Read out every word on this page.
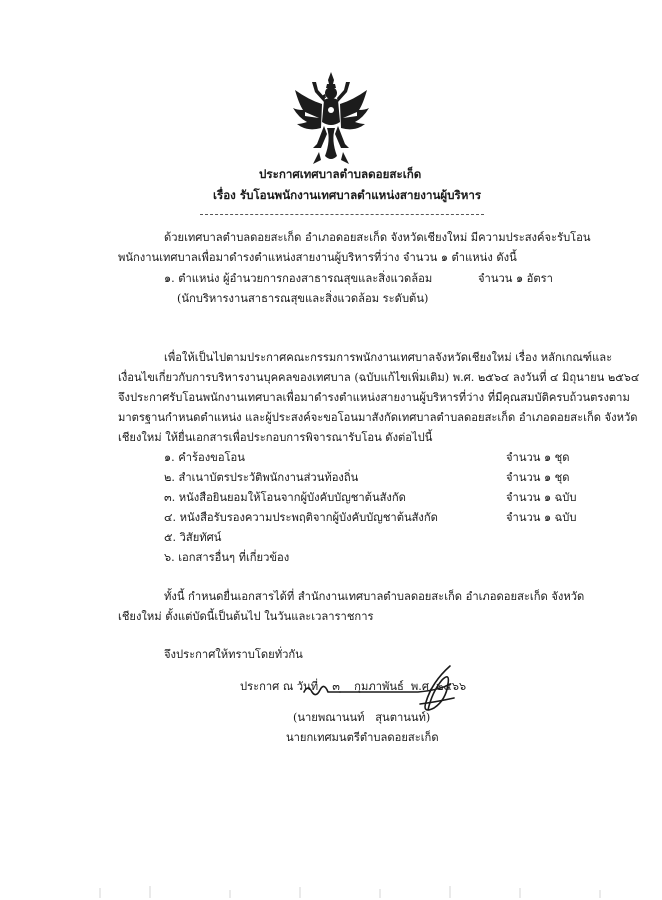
ประกาศเทศบาลตำบลดอยสะเก็ด
เรื่อง รับโอนพนักงานเทศบาลตำแหน่งสายงานผู้บริหาร
ด้วยเทศบาลตำบลดอยสะเก็ด อำเภอดอยสะเก็ด จังหวัดเชียงใหม่ มีความประสงค์จะรับโอน
พนักงานเทศบาลเพื่อมาดำรงตำแหน่งสายงานผู้บริหารที่ว่าง จำนวน ๑ ตำแหน่ง ดังนี้
๑. ตำแหน่ง ผู้อำนวยการกองสาธารณสุขและสิ่งแวดล้อม	จำนวน ๑ อัตรา
(นักบริหารงานสาธารณสุขและสิ่งแวดล้อม ระดับต้น)
เพื่อให้เป็นไปตามประกาศคณะกรรมการพนักงานเทศบาลจังหวัดเชียงใหม่ เรื่อง หลักเกณฑ์และ
เงื่อนไขเกี่ยวกับการบริหารงานบุคคลของเทศบาล (ฉบับแก้ไขเพิ่มเติม) พ.ศ. ๒๕๖๔ ลงวันที่ ๔ มิถุนายน ๒๕๖๔
จึงประกาศรับโอนพนักงานเทศบาลเพื่อมาดำรงตำแหน่งสายงานผู้บริหารที่ว่าง ที่มีคุณสมบัติครบถ้วนตรงตาม
มาตรฐานกำหนดตำแหน่ง และผู้ประสงค์จะขอโอนมาสังกัดเทศบาลตำบลดอยสะเก็ด อำเภอดอยสะเก็ด จังหวัด
เชียงใหม่ ให้ยื่นเอกสารเพื่อประกอบการพิจารณารับโอน ดังต่อไปนี้
๑. คำร้องขอโอน	จำนวน ๑ ชุด
๒. สำเนาบัตรประวัติพนักงานส่วนท้องถิ่น	จำนวน ๑ ชุด
๓. หนังสือยินยอมให้โอนจากผู้บังคับบัญชาต้นสังกัด	จำนวน ๑ ฉบับ
๔. หนังสือรับรองความประพฤติจากผู้บังคับบัญชาต้นสังกัด	จำนวน ๑ ฉบับ
๕. วิสัยทัศน์
๖. เอกสารอื่นๆ ที่เกี่ยวข้อง
ทั้งนี้ กำหนดยื่นเอกสารได้ที่ สำนักงานเทศบาลตำบลดอยสะเก็ด อำเภอดอยสะเก็ด จังหวัด
เชียงใหม่ ตั้งแต่บัดนี้เป็นต้นไป ในวันและเวลาราชการ
จึงประกาศให้ทราบโดยทั่วกัน
ประกาศ ณ วันที่    ๓    กุมภาพันธ์  พ.ศ. ๒๕๖๖
(นายพณานนท์   สุนตานนท์)
นายกเทศมนตรีตำบลดอยสะเก็ด
